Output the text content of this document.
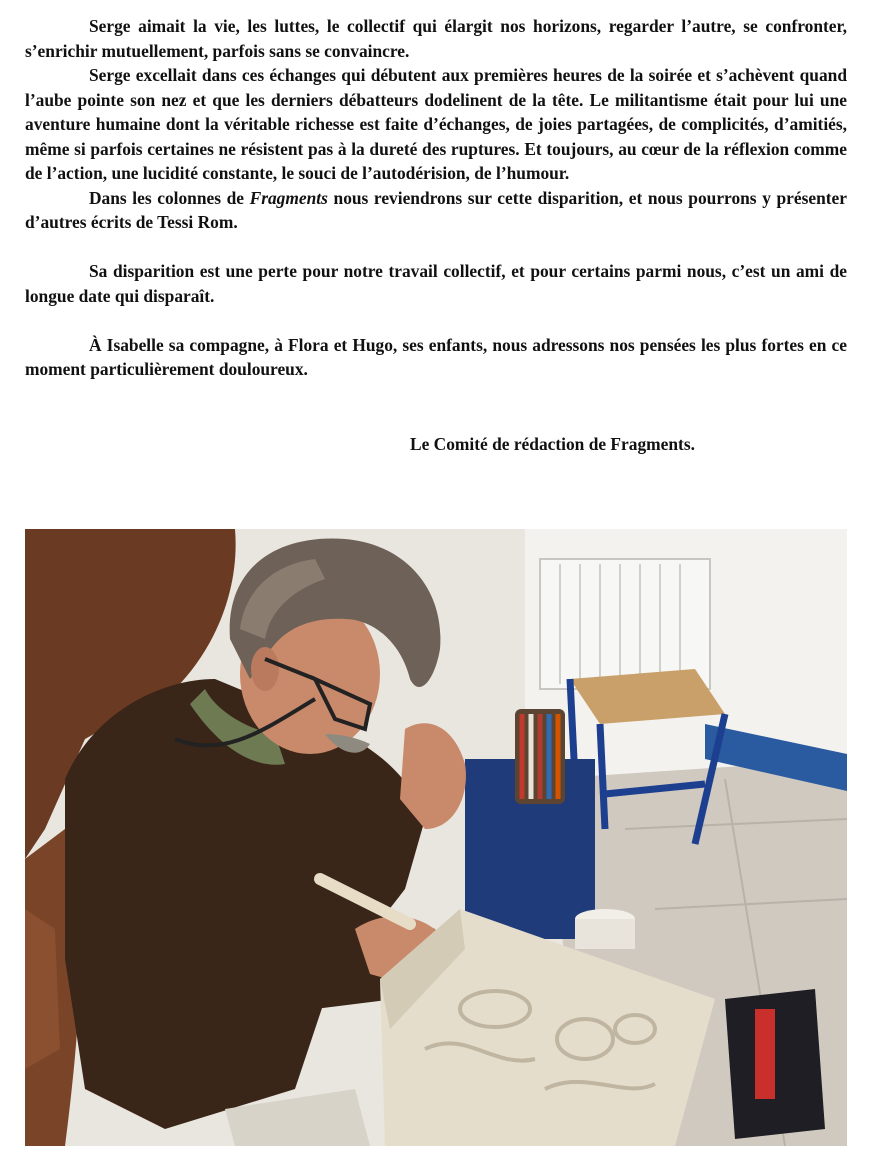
Serge aimait la vie, les luttes, le collectif qui élargit nos horizons, regarder l’autre, se confronter, s’enrichir mutuellement, parfois sans se convaincre.

Serge excellait dans ces échanges qui débutent aux premières heures de la soirée et s’achèvent quand l’aube pointe son nez et que les derniers débatteurs dodelinent de la tête. Le militantisme était pour lui une aventure humaine dont la véritable richesse est faite d’échanges, de joies partagées, de complicités, d’amitiés, même si parfois certaines ne résistent pas à la dureté des ruptures. Et toujours, au cœur de la réflexion comme de l’action, une lucidité constante, le souci de l’autodérision, de l’humour.

Dans les colonnes de Fragments nous reviendrons sur cette disparition, et nous pourrons y présenter d’autres écrits de Tessi Rom.

Sa disparition est une perte pour notre travail collectif, et pour certains parmi nous, c’est un ami de longue date qui disparaît.

À Isabelle sa compagne, à Flora et Hugo, ses enfants, nous adressons nos pensées les plus fortes en ce moment particulièrement douloureux.

Le Comité de rédaction de Fragments.
